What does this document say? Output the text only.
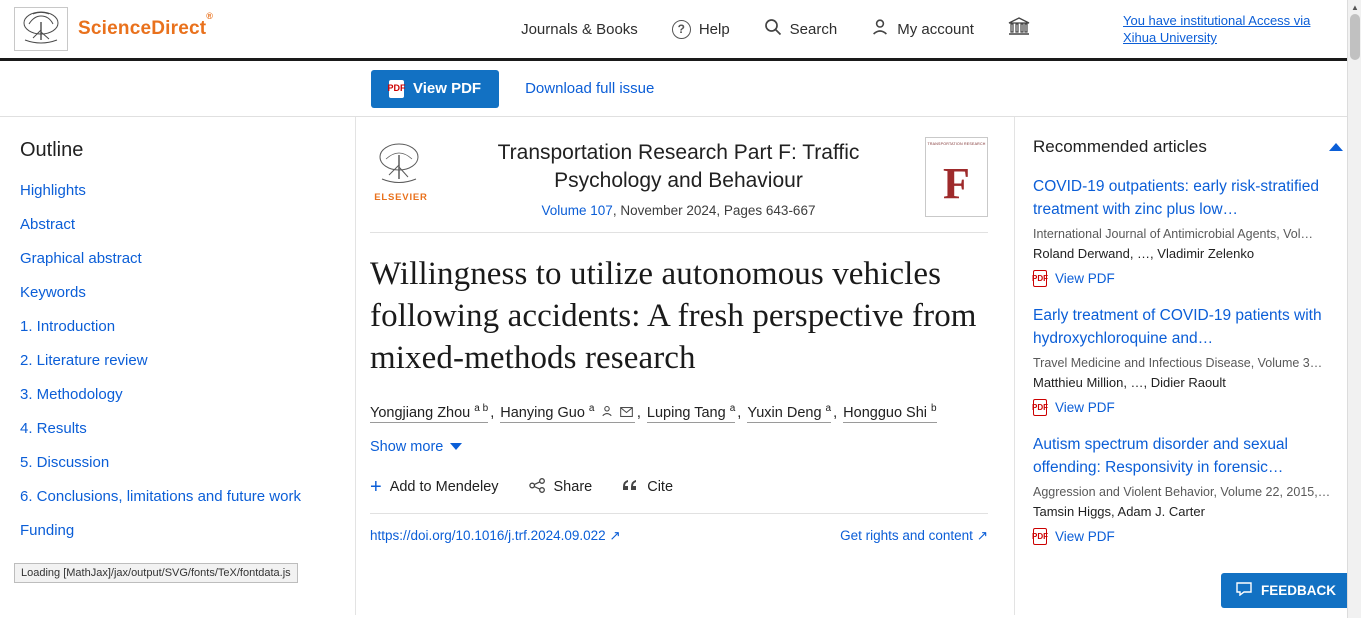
ScienceDirect®
Journals & Books	? Help	Search	My account	You have institutional Access via Xihua University
PDF View PDF	Download full issue
Outline
Highlights
Abstract
Graphical abstract
Keywords
1. Introduction
2. Literature review
3. Methodology
4. Results
5. Discussion
6. Conclusions, limitations and future work
Funding
Loading [MathJax]/jax/output/SVG/fonts/TeX/fontdata.js
ELSEVIER
Transportation Research Part F: Traffic Psychology and Behaviour
Volume 107, November 2024, Pages 643-667
TRANSPORTATION RESEARCH
F
Willingness to utilize autonomous vehicles following accidents: A fresh perspective from mixed-methods research
Yongjiang Zhou $^{a b}$ , Hanying Guo $^a$	, Luping Tang $^a$ , Yuxin Deng $^a$ , Hongguo Shi $^b$
Show more
+ Add to Mendeley	Share	Cite
https://doi.org/10.1016/j.trf.2024.09.022 ↗	Get rights and content ↗
Recommended articles
COVID-19 outpatients: early risk-stratified treatment with zinc plus low…
International Journal of Antimicrobial Agents, Vol…
Roland Derwand, …, Vladimir Zelenko
PDF View PDF
Early treatment of COVID-19 patients with hydroxychloroquine and…
Travel Medicine and Infectious Disease, Volume 3…
Matthieu Million, …, Didier Raoult
PDF View PDF
Autism spectrum disorder and sexual offending: Responsivity in forensic…
Aggression and Violent Behavior, Volume 22, 2015,…
Tamsin Higgs, Adam J. Carter
PDF View PDF
FEEDBACK
▲
